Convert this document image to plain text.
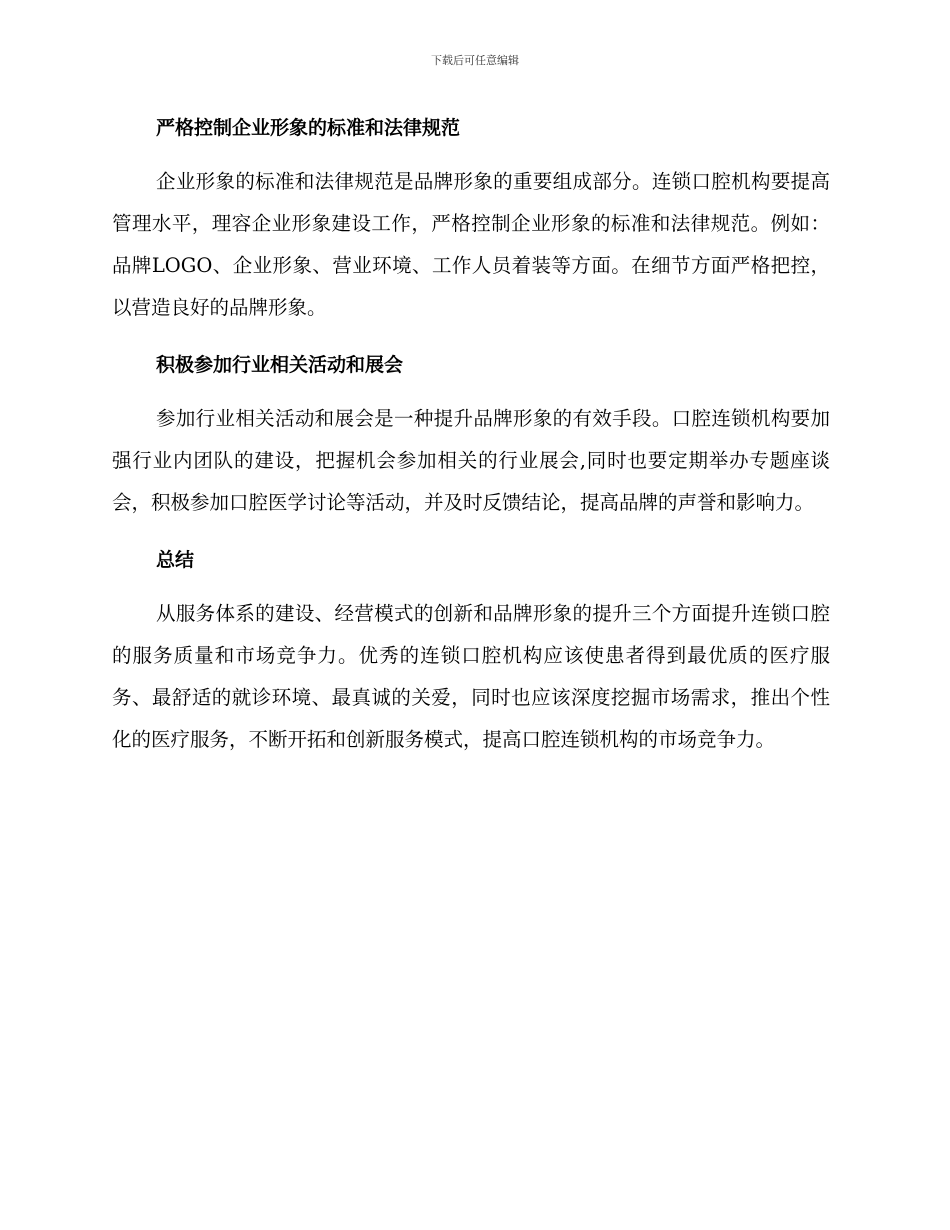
下载后可任意编辑
严格控制企业形象的标准和法律规范

企业形象的标准和法律规范是品牌形象的重要组成部分。连锁口腔机构要提高管理水平，理容企业形象建设工作，严格控制企业形象的标准和法律规范。例如：品牌LOGO、企业形象、营业环境、工作人员着装等方面。在细节方面严格把控，以营造良好的品牌形象。

积极参加行业相关活动和展会

参加行业相关活动和展会是一种提升品牌形象的有效手段。口腔连锁机构要加强行业内团队的建设，把握机会参加相关的行业展会,同时也要定期举办专题座谈会，积极参加口腔医学讨论等活动，并及时反馈结论，提高品牌的声誉和影响力。

总结

从服务体系的建设、经营模式的创新和品牌形象的提升三个方面提升连锁口腔的服务质量和市场竞争力。优秀的连锁口腔机构应该使患者得到最优质的医疗服务、最舒适的就诊环境、最真诚的关爱，同时也应该深度挖掘市场需求，推出个性化的医疗服务，不断开拓和创新服务模式，提高口腔连锁机构的市场竞争力。
